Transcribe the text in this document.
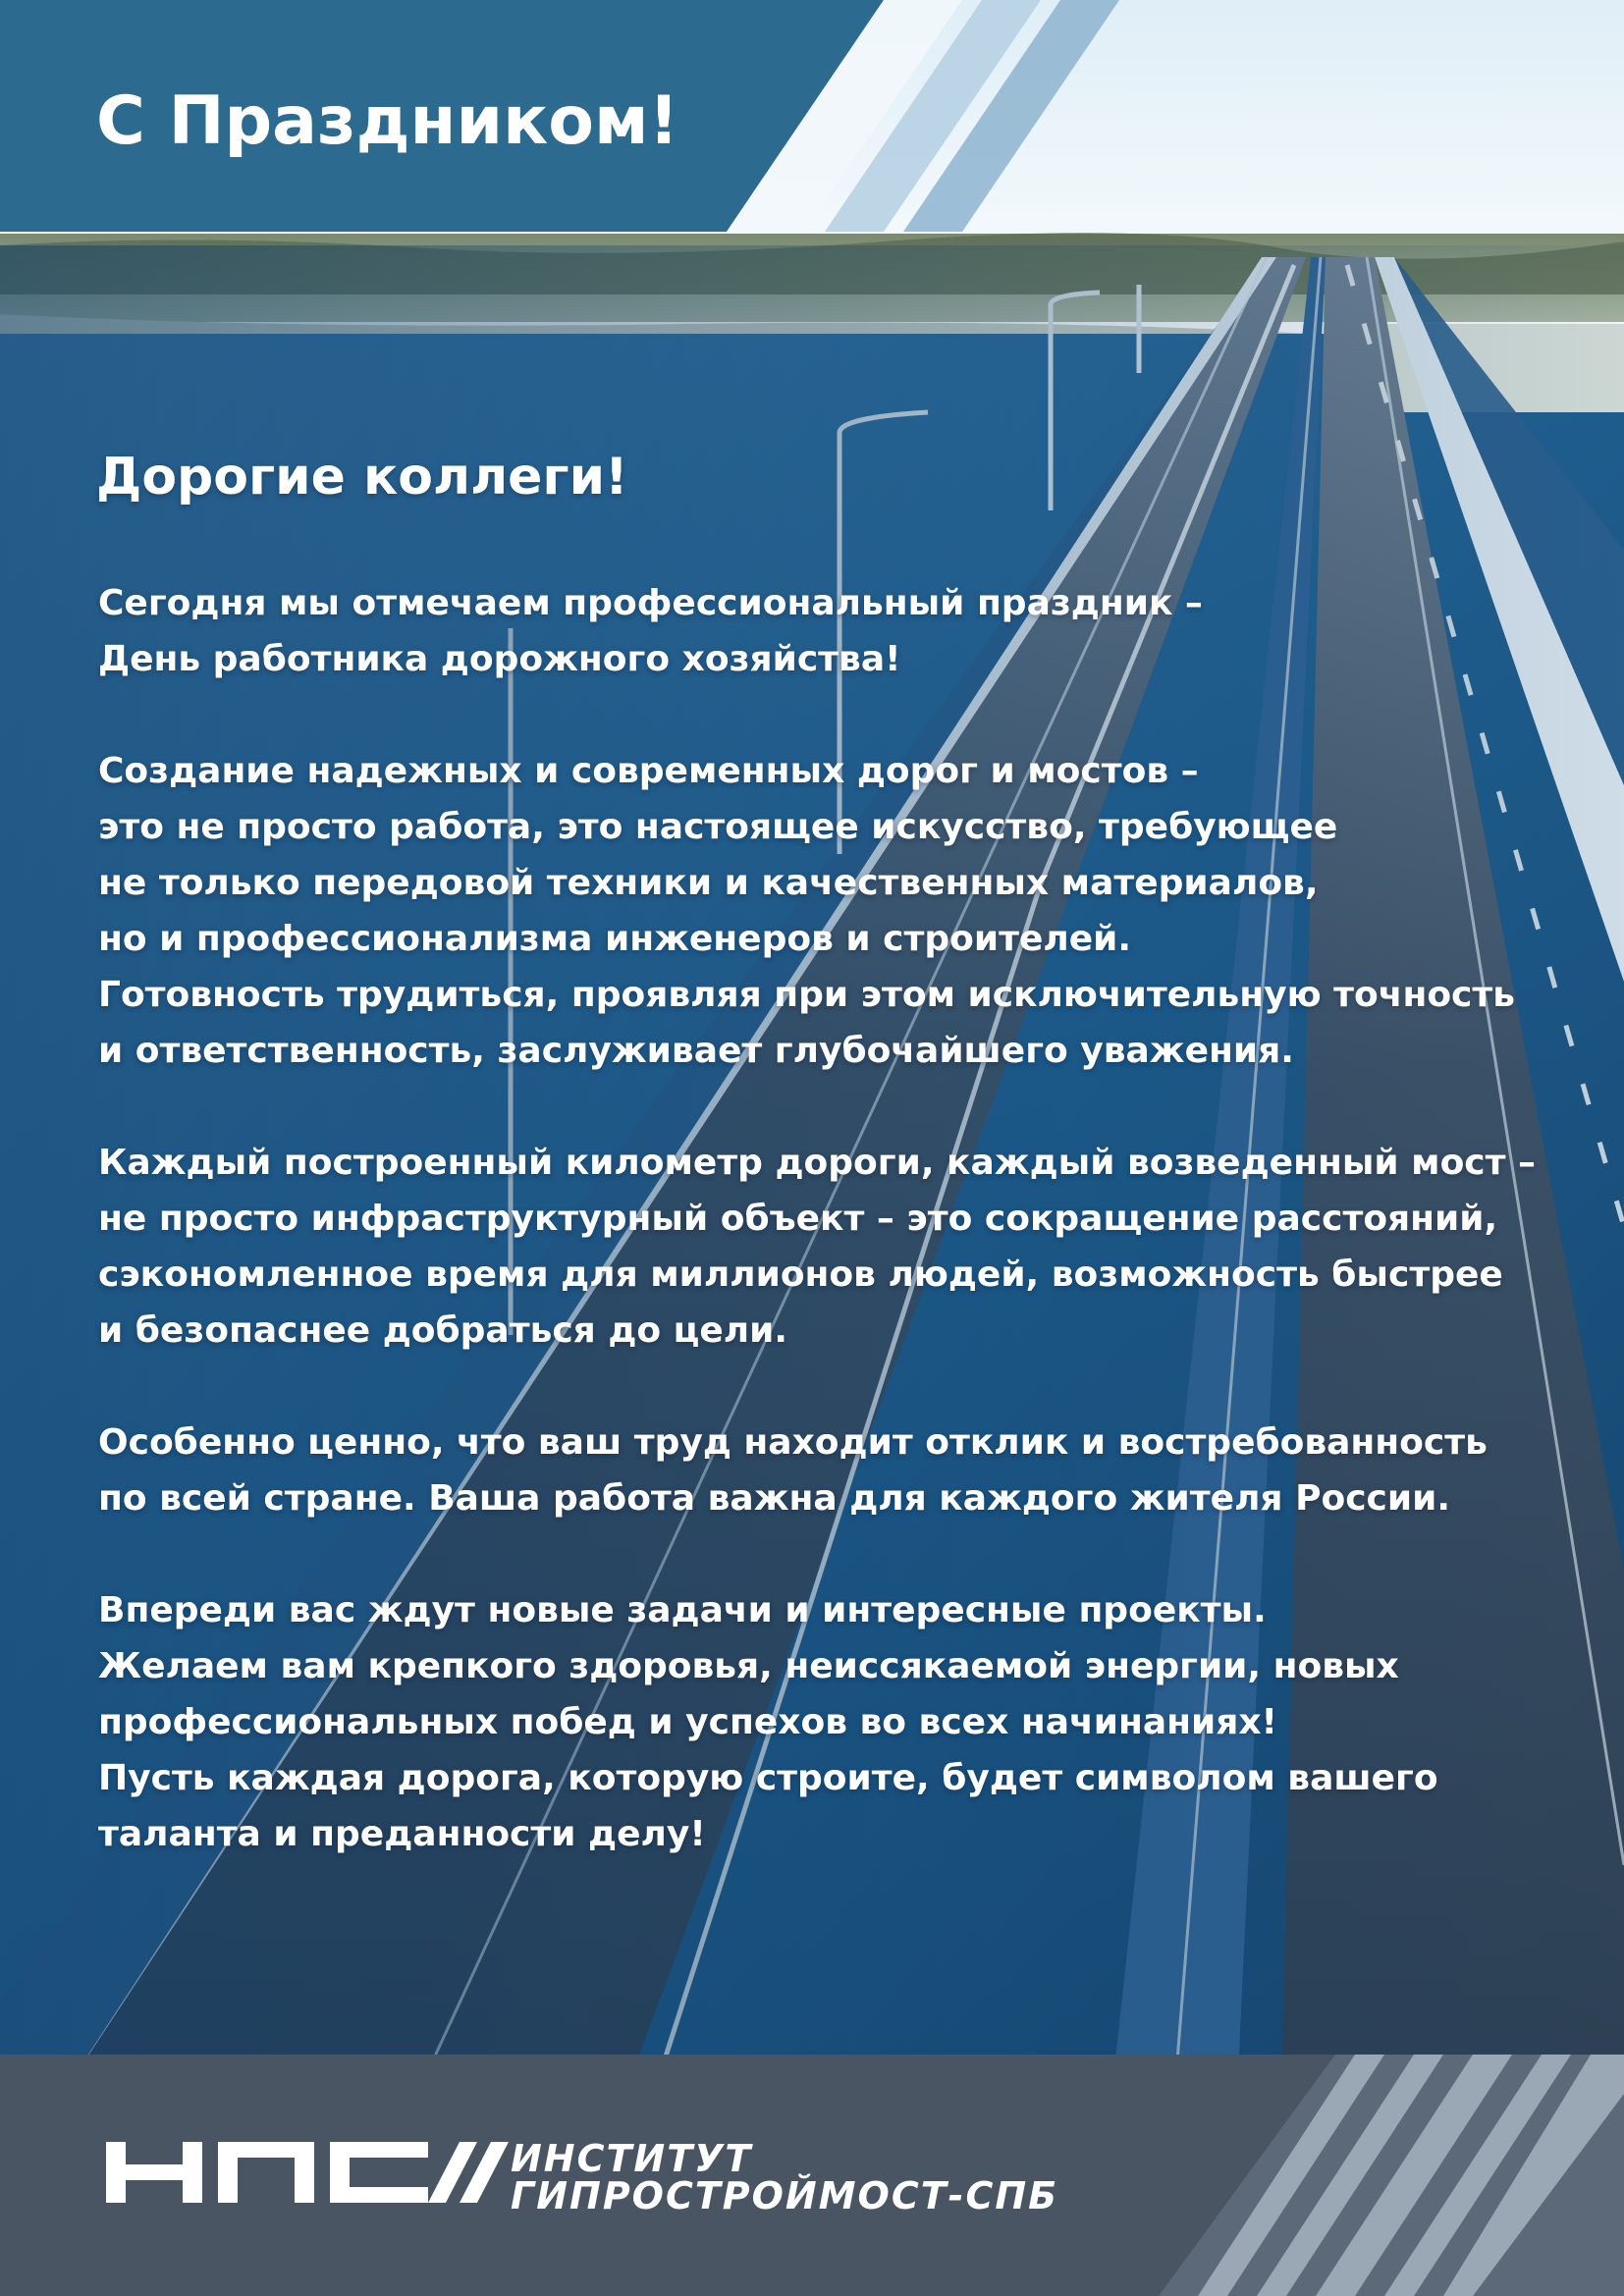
С Праздником!
Дорогие коллеги!

Сегодня мы отмечаем профессиональный праздник –
День работника дорожного хозяйства!

Создание надежных и современных дорог и мостов –
это не просто работа, это настоящее искусство, требующее
не только передовой техники и качественных материалов,
но и профессионализма инженеров и строителей.
Готовность трудиться, проявляя при этом исключительную точность
и ответственность, заслуживает глубочайшего уважения.

Каждый построенный километр дороги, каждый возведенный мост –
не просто инфраструктурный объект – это сокращение расстояний,
сэкономленное время для миллионов людей, возможность быстрее
и безопаснее добраться до цели.

Особенно ценно, что ваш труд находит отклик и востребованность
по всей стране. Ваша работа важна для каждого жителя России.

Впереди вас ждут новые задачи и интересные проекты.
Желаем вам крепкого здоровья, неиссякаемой энергии, новых
профессиональных побед и успехов во всех начинаниях!
Пусть каждая дорога, которую строите, будет символом вашего
таланта и преданности делу!

ИНСТИТУТ
ГИПРОСТРОЙМОСТ-СПБ
